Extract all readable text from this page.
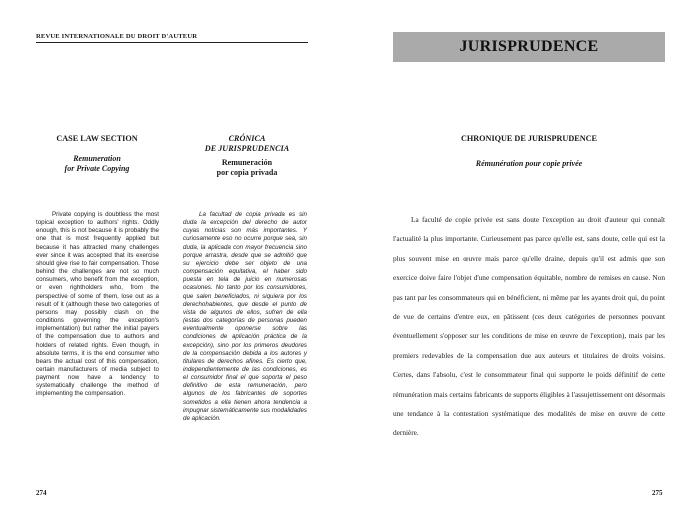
REVUE INTERNATIONALE DU DROIT D'AUTEUR
CASE LAW SECTION
Remuneration
for Private Copying
CRÓNICA
DE JURISPRUDENCIA
Remuneración
por copia privada

Private copying is doubtless the most topical exception to authors' rights. Oddly enough, this is not because it is probably the one that is most frequently applied but because it has attracted many challenges ever since it was accepted that its exercise should give rise to fair compensation. Those behind the challenges are not so much consumers, who benefit from the exception, or even rightholders who, from the perspective of some of them, lose out as a result of it (although these two categories of persons may possibly clash on the conditions governing the exception's implementation) but rather the initial payers of the compensation due to authors and holders of related rights. Even though, in absolute terms, it is the end consumer who bears the actual cost of this compensation, certain manufacturers of media subject to payment now have a tendency to systematically challenge the method of implementing the compensation.

La facultad de copia privada es sin duda la excepción del derecho de autor cuyas noticias son más importantes. Y curiosamente eso no ocurre porque sea, sin duda, la aplicada con mayor frecuencia sino porque arrastra, desde que se admitió que su ejercicio debe ser objeto de una compensación equitativa, el haber sido puesta en tela de juicio en numerosas ocasiones. No tanto por los consumidores, que salen beneficiados, ni siquiera por los derechohabientes, que desde el punto de vista de algunos de ellos, sufren de ella (estas dos categorías de personas pueden eventualmente oponerse sobre las condiciones de aplicación práctica de la excepción), sino por los primeros deudores de la compensación debida a los autores y titulares de derechos afines. Es cierto que, independientemente de las condiciones, es el consumidor final el que soporta el peso definitivo de esta remuneración, pero algunos de los fabricantes de soportes sometidos a ella tienen ahora tendencia a impugnar sistemáticamente sus modalidades de aplicación.

274
JURISPRUDENCE
CHRONIQUE DE JURISPRUDENCE
Rémunération pour copie privée

La faculté de copie privée est sans doute l'exception au droit d'auteur qui connaît l'actualité la plus importante. Curieusement pas parce qu'elle est, sans doute, celle qui est la plus souvent mise en œuvre mais parce qu'elle draine, depuis qu'il est admis que son exercice doive faire l'objet d'une compensation équitable, nombre de remises en cause. Non pas tant par les consommateurs qui en bénéficient, ni même par les ayants droit qui, du point de vue de certains d'entre eux, en pâtissent (ces deux catégories de personnes pouvant éventuellement s'opposer sur les conditions de mise en œuvre de l'exception), mais par les premiers redevables de la compensation due aux auteurs et titulaires de droits voisins. Certes, dans l'absolu, c'est le consommateur final qui supporte le poids définitif de cette rémunération mais certains fabricants de supports éligibles à l'assujettissement ont désormais une tendance à la contestation systématique des modalités de mise en œuvre de cette dernière.

275
